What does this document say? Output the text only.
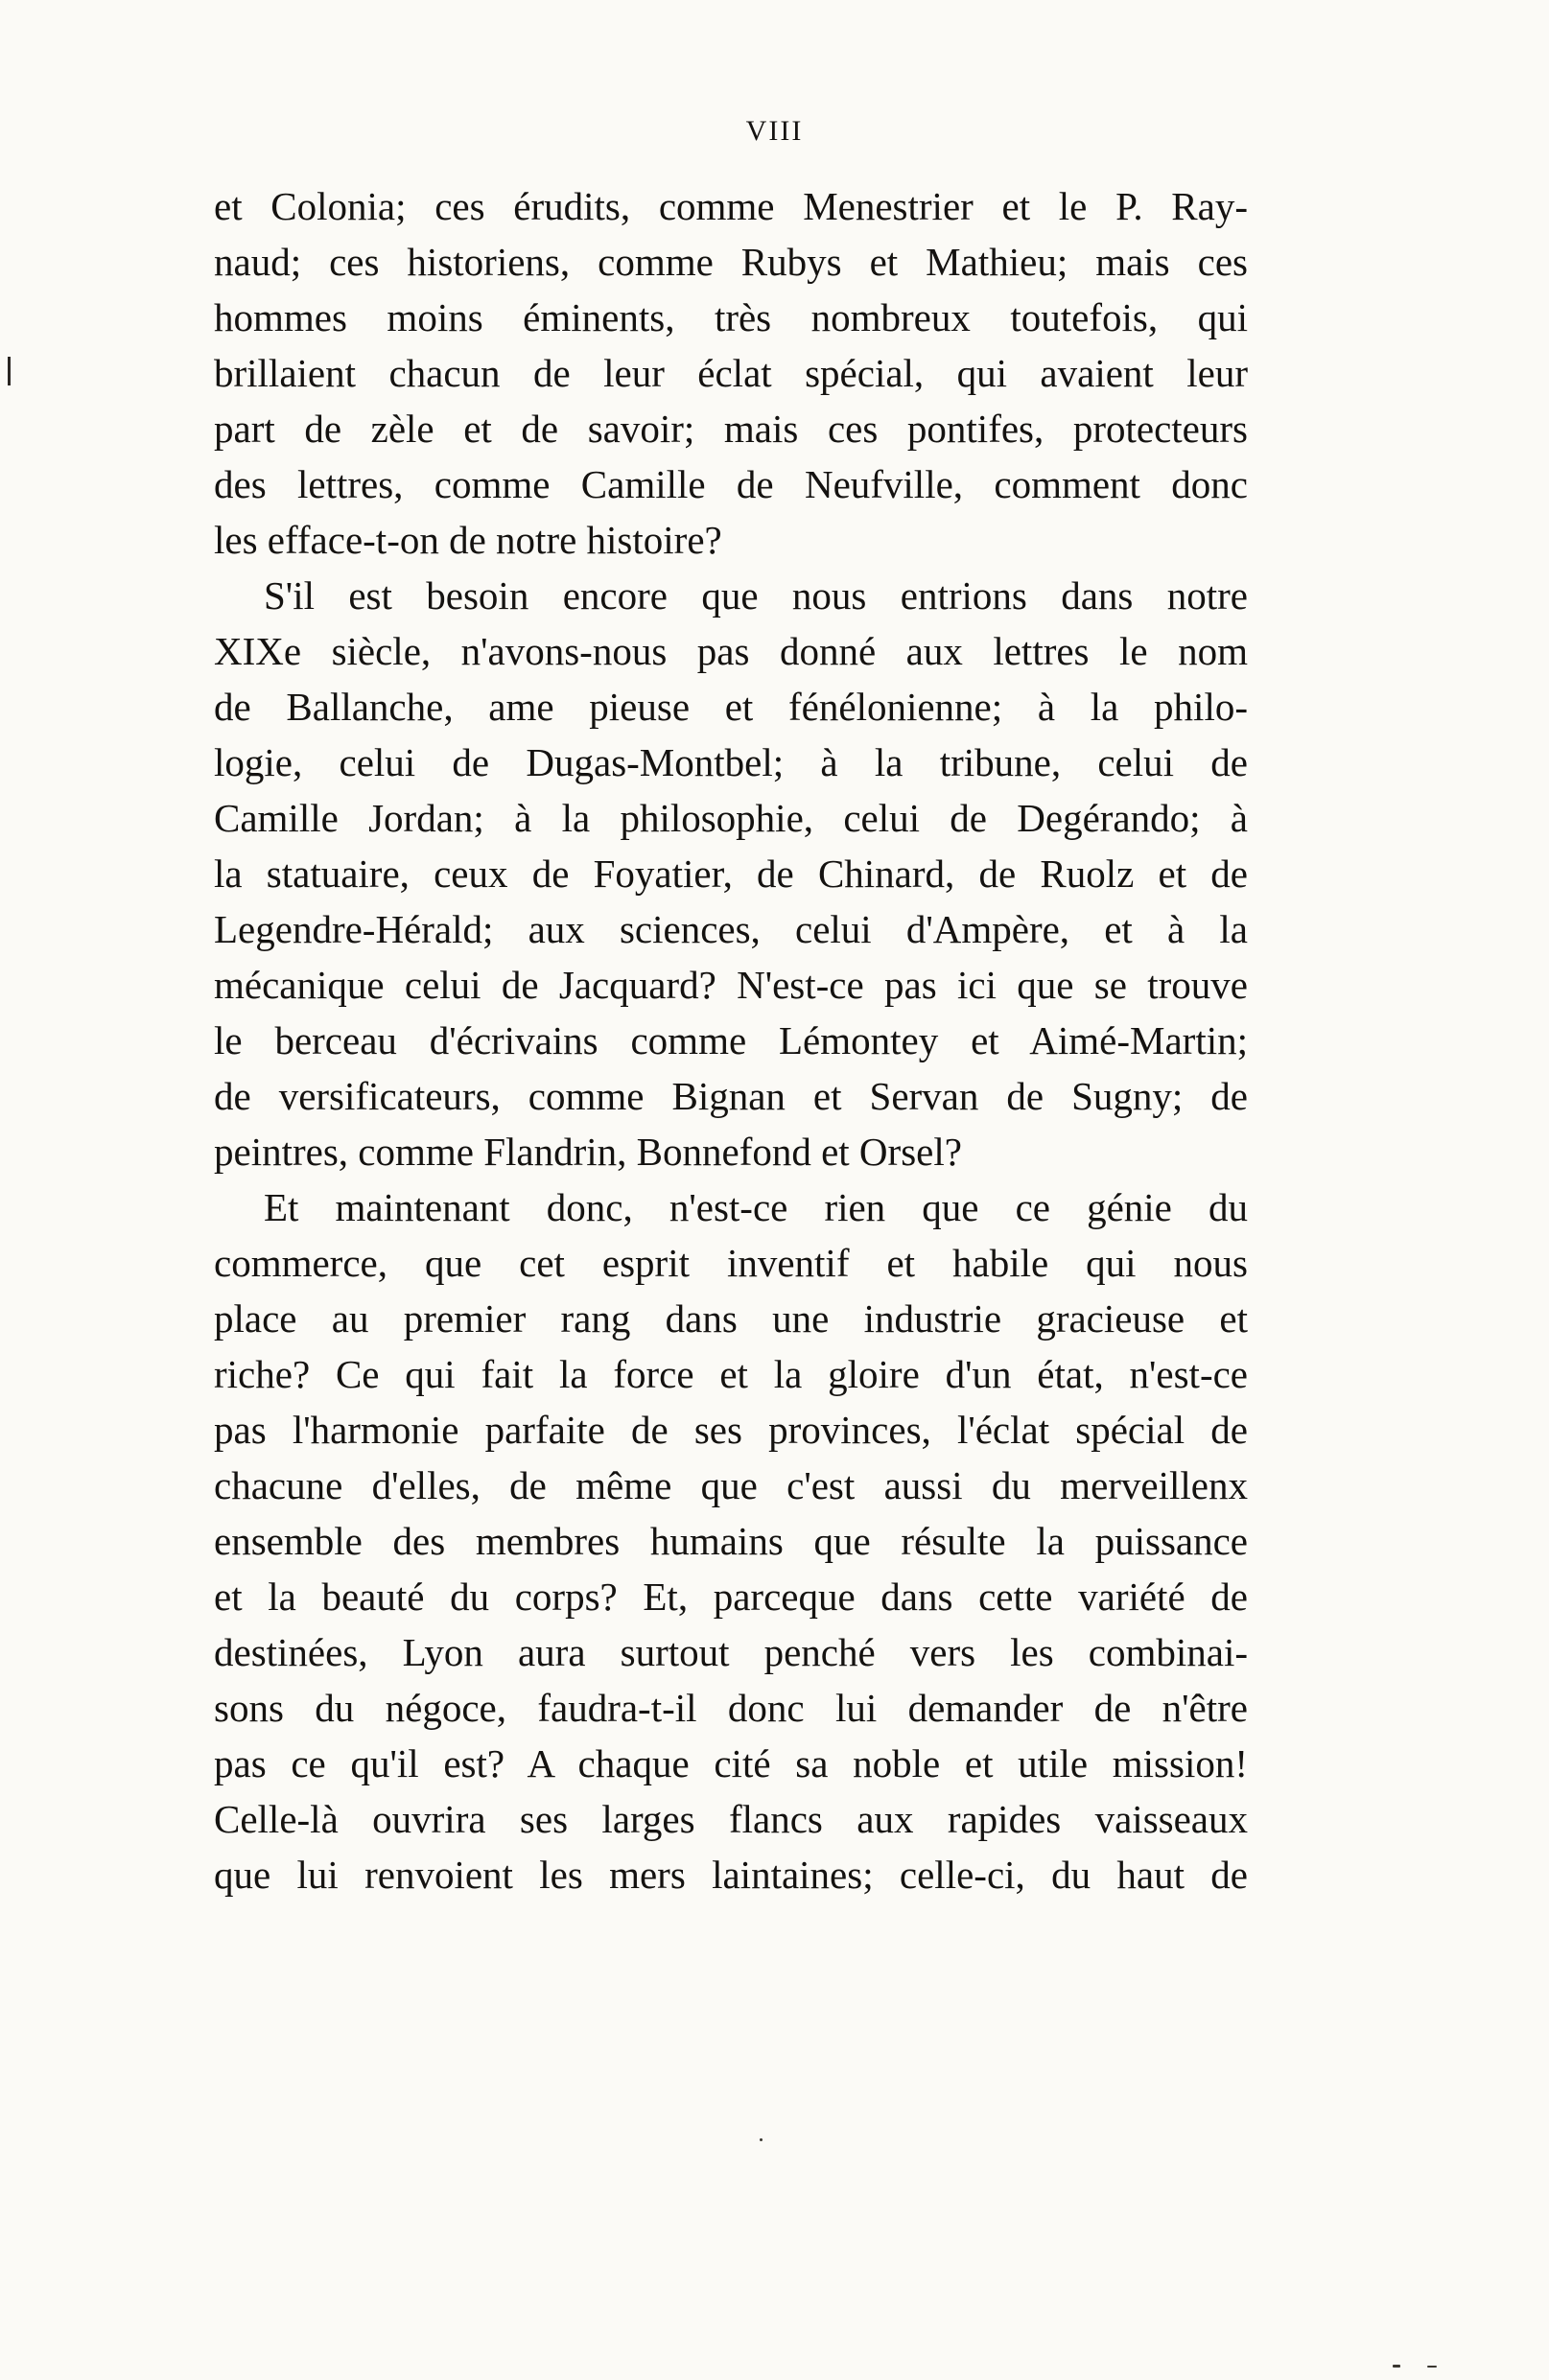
VIII
et Colonia; ces érudits, comme Menestrier et le P. Ray-
naud; ces historiens, comme Rubys et Mathieu; mais ces
hommes moins éminents, très nombreux toutefois, qui
brillaient chacun de leur éclat spécial, qui avaient leur
part de zèle et de savoir; mais ces pontifes, protecteurs
des lettres, comme Camille de Neufville, comment donc
les efface-t-on de notre histoire?
S'il est besoin encore que nous entrions dans notre
XIXe siècle, n'avons-nous pas donné aux lettres le nom
de Ballanche, ame pieuse et fénélonienne; à la philo-
logie, celui de Dugas-Montbel; à la tribune, celui de
Camille Jordan; à la philosophie, celui de Degérando; à
la statuaire, ceux de Foyatier, de Chinard, de Ruolz et de
Legendre-Hérald; aux sciences, celui d'Ampère, et à la
mécanique celui de Jacquard? N'est-ce pas ici que se trouve
le berceau d'écrivains comme Lémontey et Aimé-Martin;
de versificateurs, comme Bignan et Servan de Sugny; de
peintres, comme Flandrin, Bonnefond et Orsel?
Et maintenant donc, n'est-ce rien que ce génie du
commerce, que cet esprit inventif et habile qui nous
place au premier rang dans une industrie gracieuse et
riche? Ce qui fait la force et la gloire d'un état, n'est-ce
pas l'harmonie parfaite de ses provinces, l'éclat spécial de
chacune d'elles, de même que c'est aussi du merveillenx
ensemble des membres humains que résulte la puissance
et la beauté du corps? Et, parceque dans cette variété de
destinées, Lyon aura surtout penché vers les combinai-
sons du négoce, faudra-t-il donc lui demander de n'être
pas ce qu'il est? A chaque cité sa noble et utile mission!
Celle-là ouvrira ses larges flancs aux rapides vaisseaux
que lui renvoient les mers laintaines; celle-ci, du haut de
